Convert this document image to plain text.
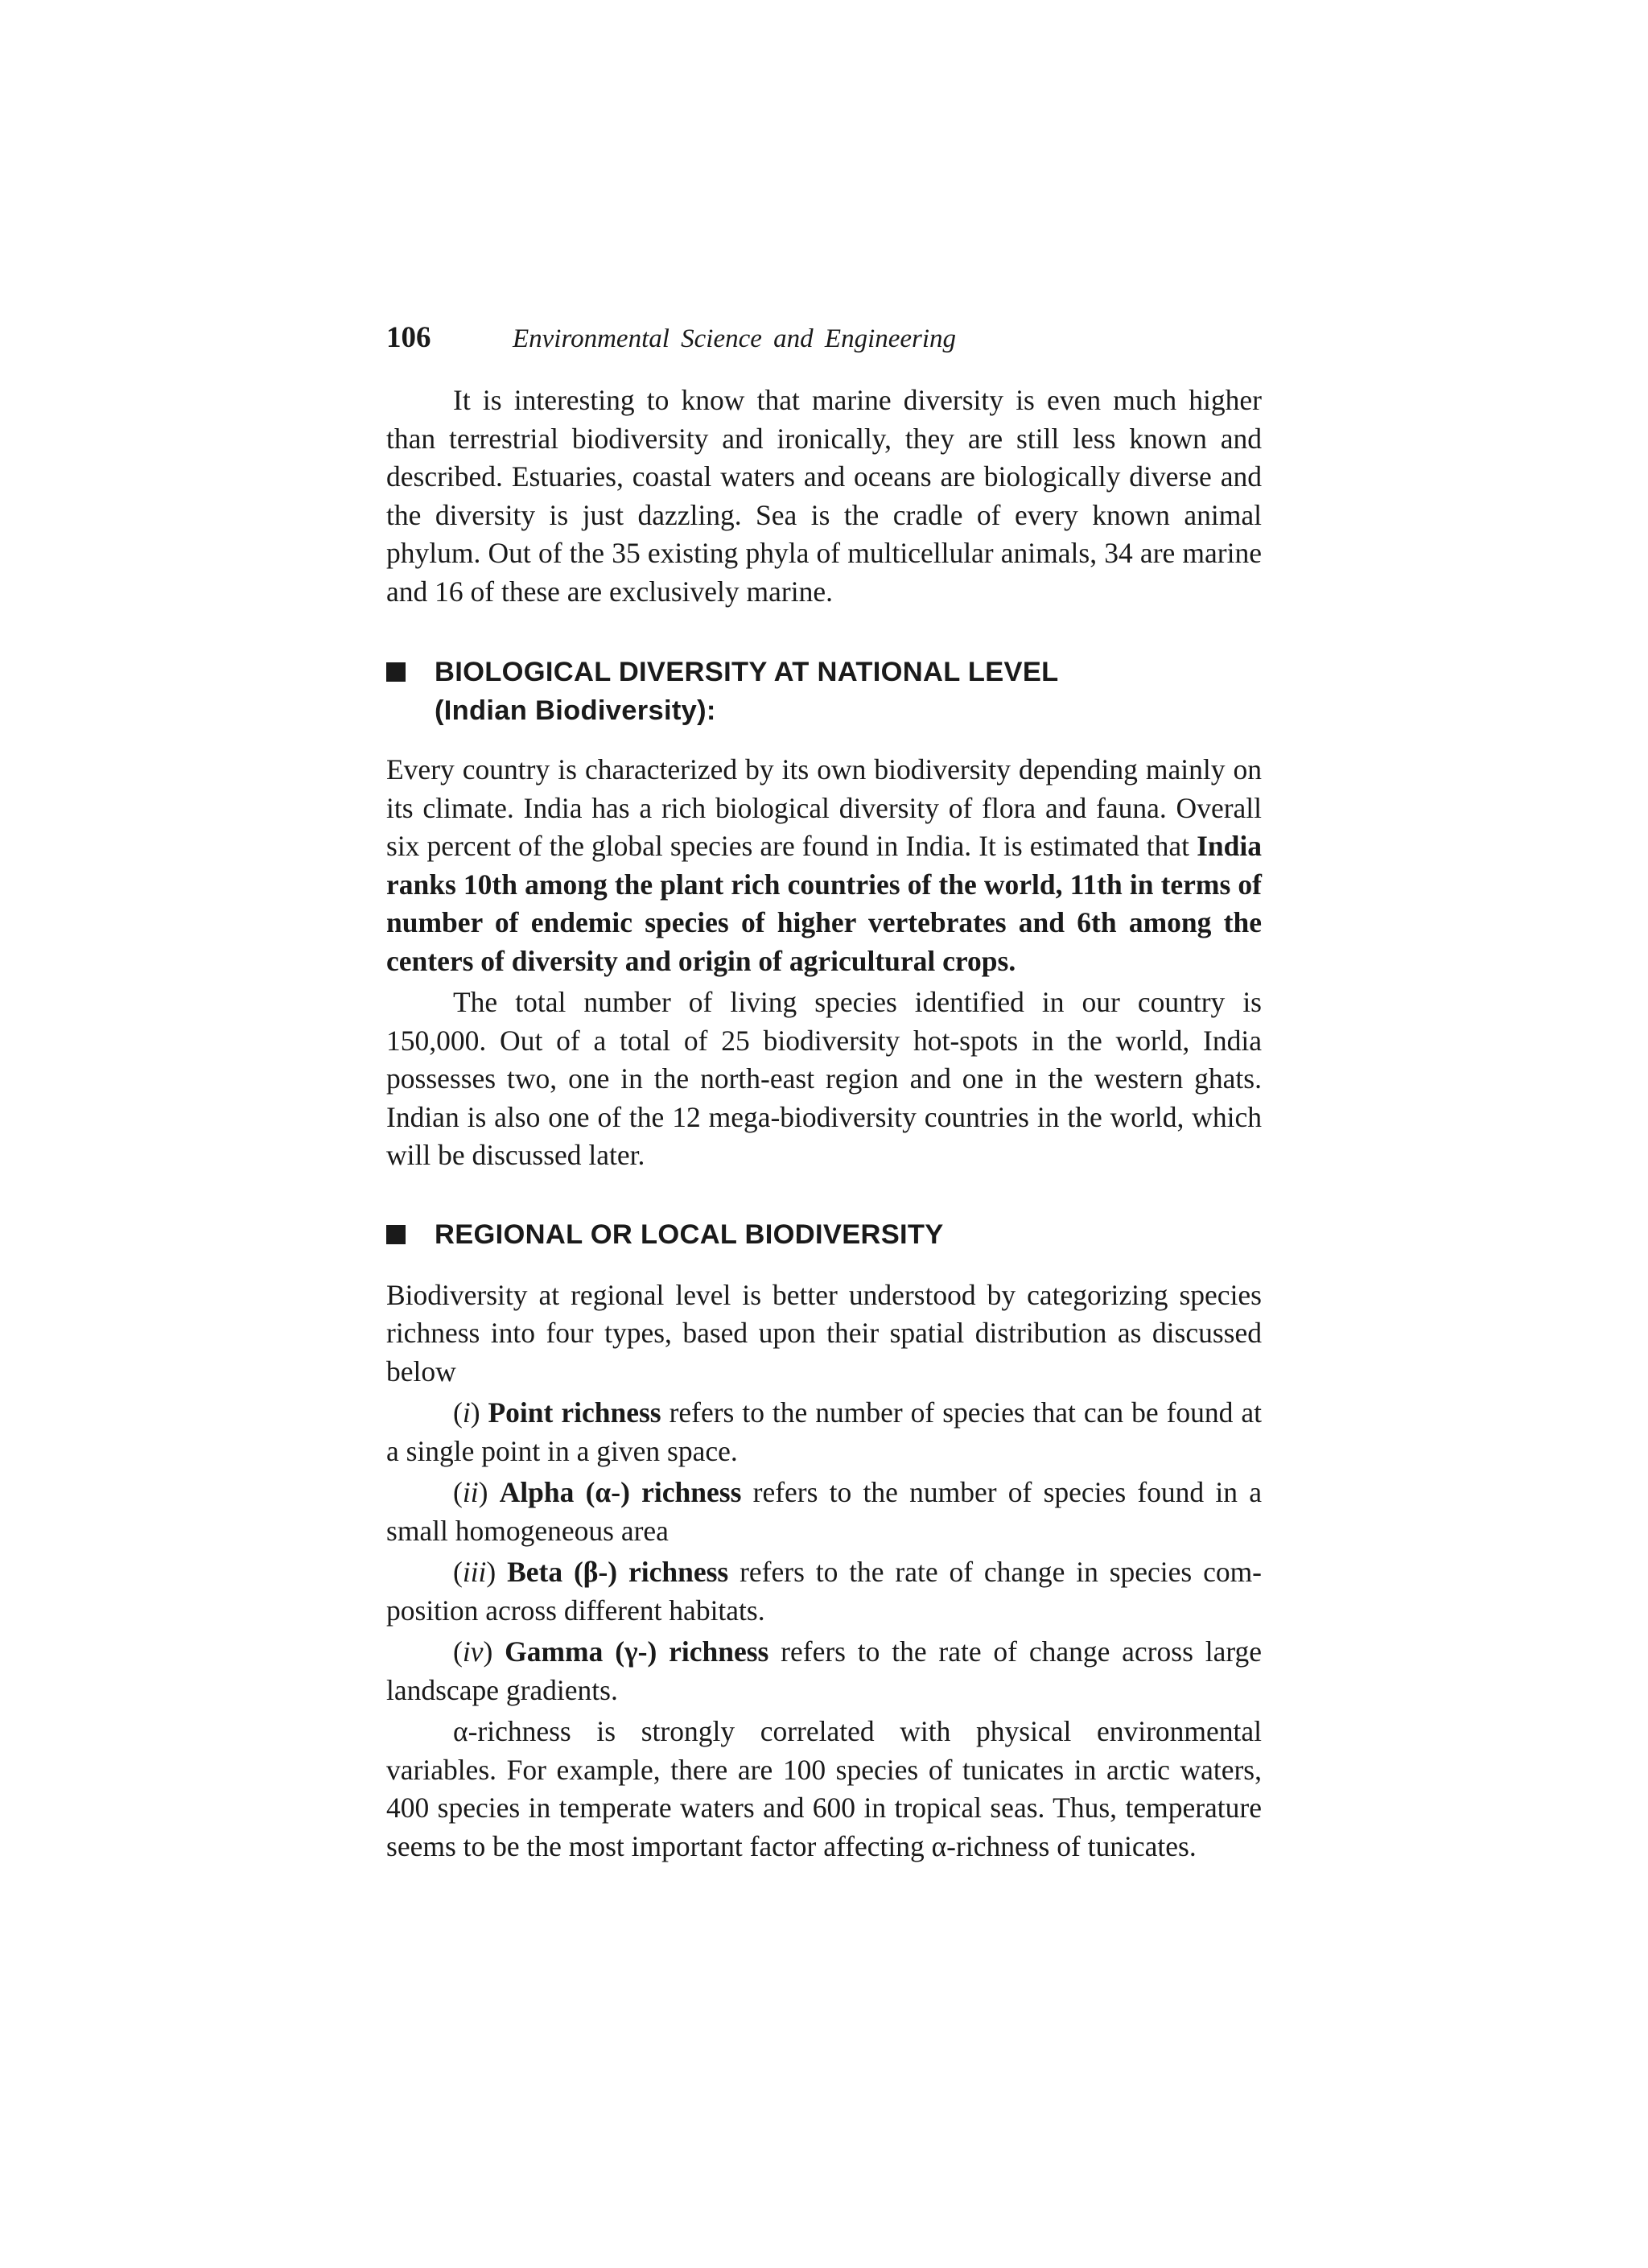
106	Environmental Science and Engineering

It is interesting to know that marine diversity is even much higher than terrestrial biodiversity and ironically, they are still less known and described. Estuaries, coastal waters and oceans are biologically diverse and the diversity is just dazzling. Sea is the cradle of every known animal phylum. Out of the 35 existing phyla of multicellular animals, 34 are marine and 16 of these are exclusively marine.

BIOLOGICAL DIVERSITY AT NATIONAL LEVEL
(Indian Biodiversity):

Every country is characterized by its own biodiversity depending mainly on its climate. India has a rich biological diversity of flora and fauna. Overall six percent of the global species are found in India. It is estimated that India ranks 10th among the plant rich countries of the world, 11th in terms of number of endemic species of higher vertebrates and 6th among the centers of diversity and origin of agricultural crops.

The total number of living species identified in our country is 150,000. Out of a total of 25 biodiversity hot-spots in the world, India possesses two, one in the north-east region and one in the western ghats. Indian is also one of the 12 mega-biodiversity countries in the world, which will be discussed later.

REGIONAL OR LOCAL BIODIVERSITY

Biodiversity at regional level is better understood by categorizing species richness into four types, based upon their spatial distribution as discussed below

(i) Point richness refers to the number of species that can be found at a single point in a given space.

(ii) Alpha (α-) richness refers to the number of species found in a small homogeneous area

(iii) Beta (β-) richness refers to the rate of change in species com-position across different habitats.

(iv) Gamma (γ-) richness refers to the rate of change across large landscape gradients.

α-richness is strongly correlated with physical environmental variables. For example, there are 100 species of tunicates in arctic waters, 400 species in temperate waters and 600 in tropical seas. Thus, temperature seems to be the most important factor affecting α-richness of tunicates.
